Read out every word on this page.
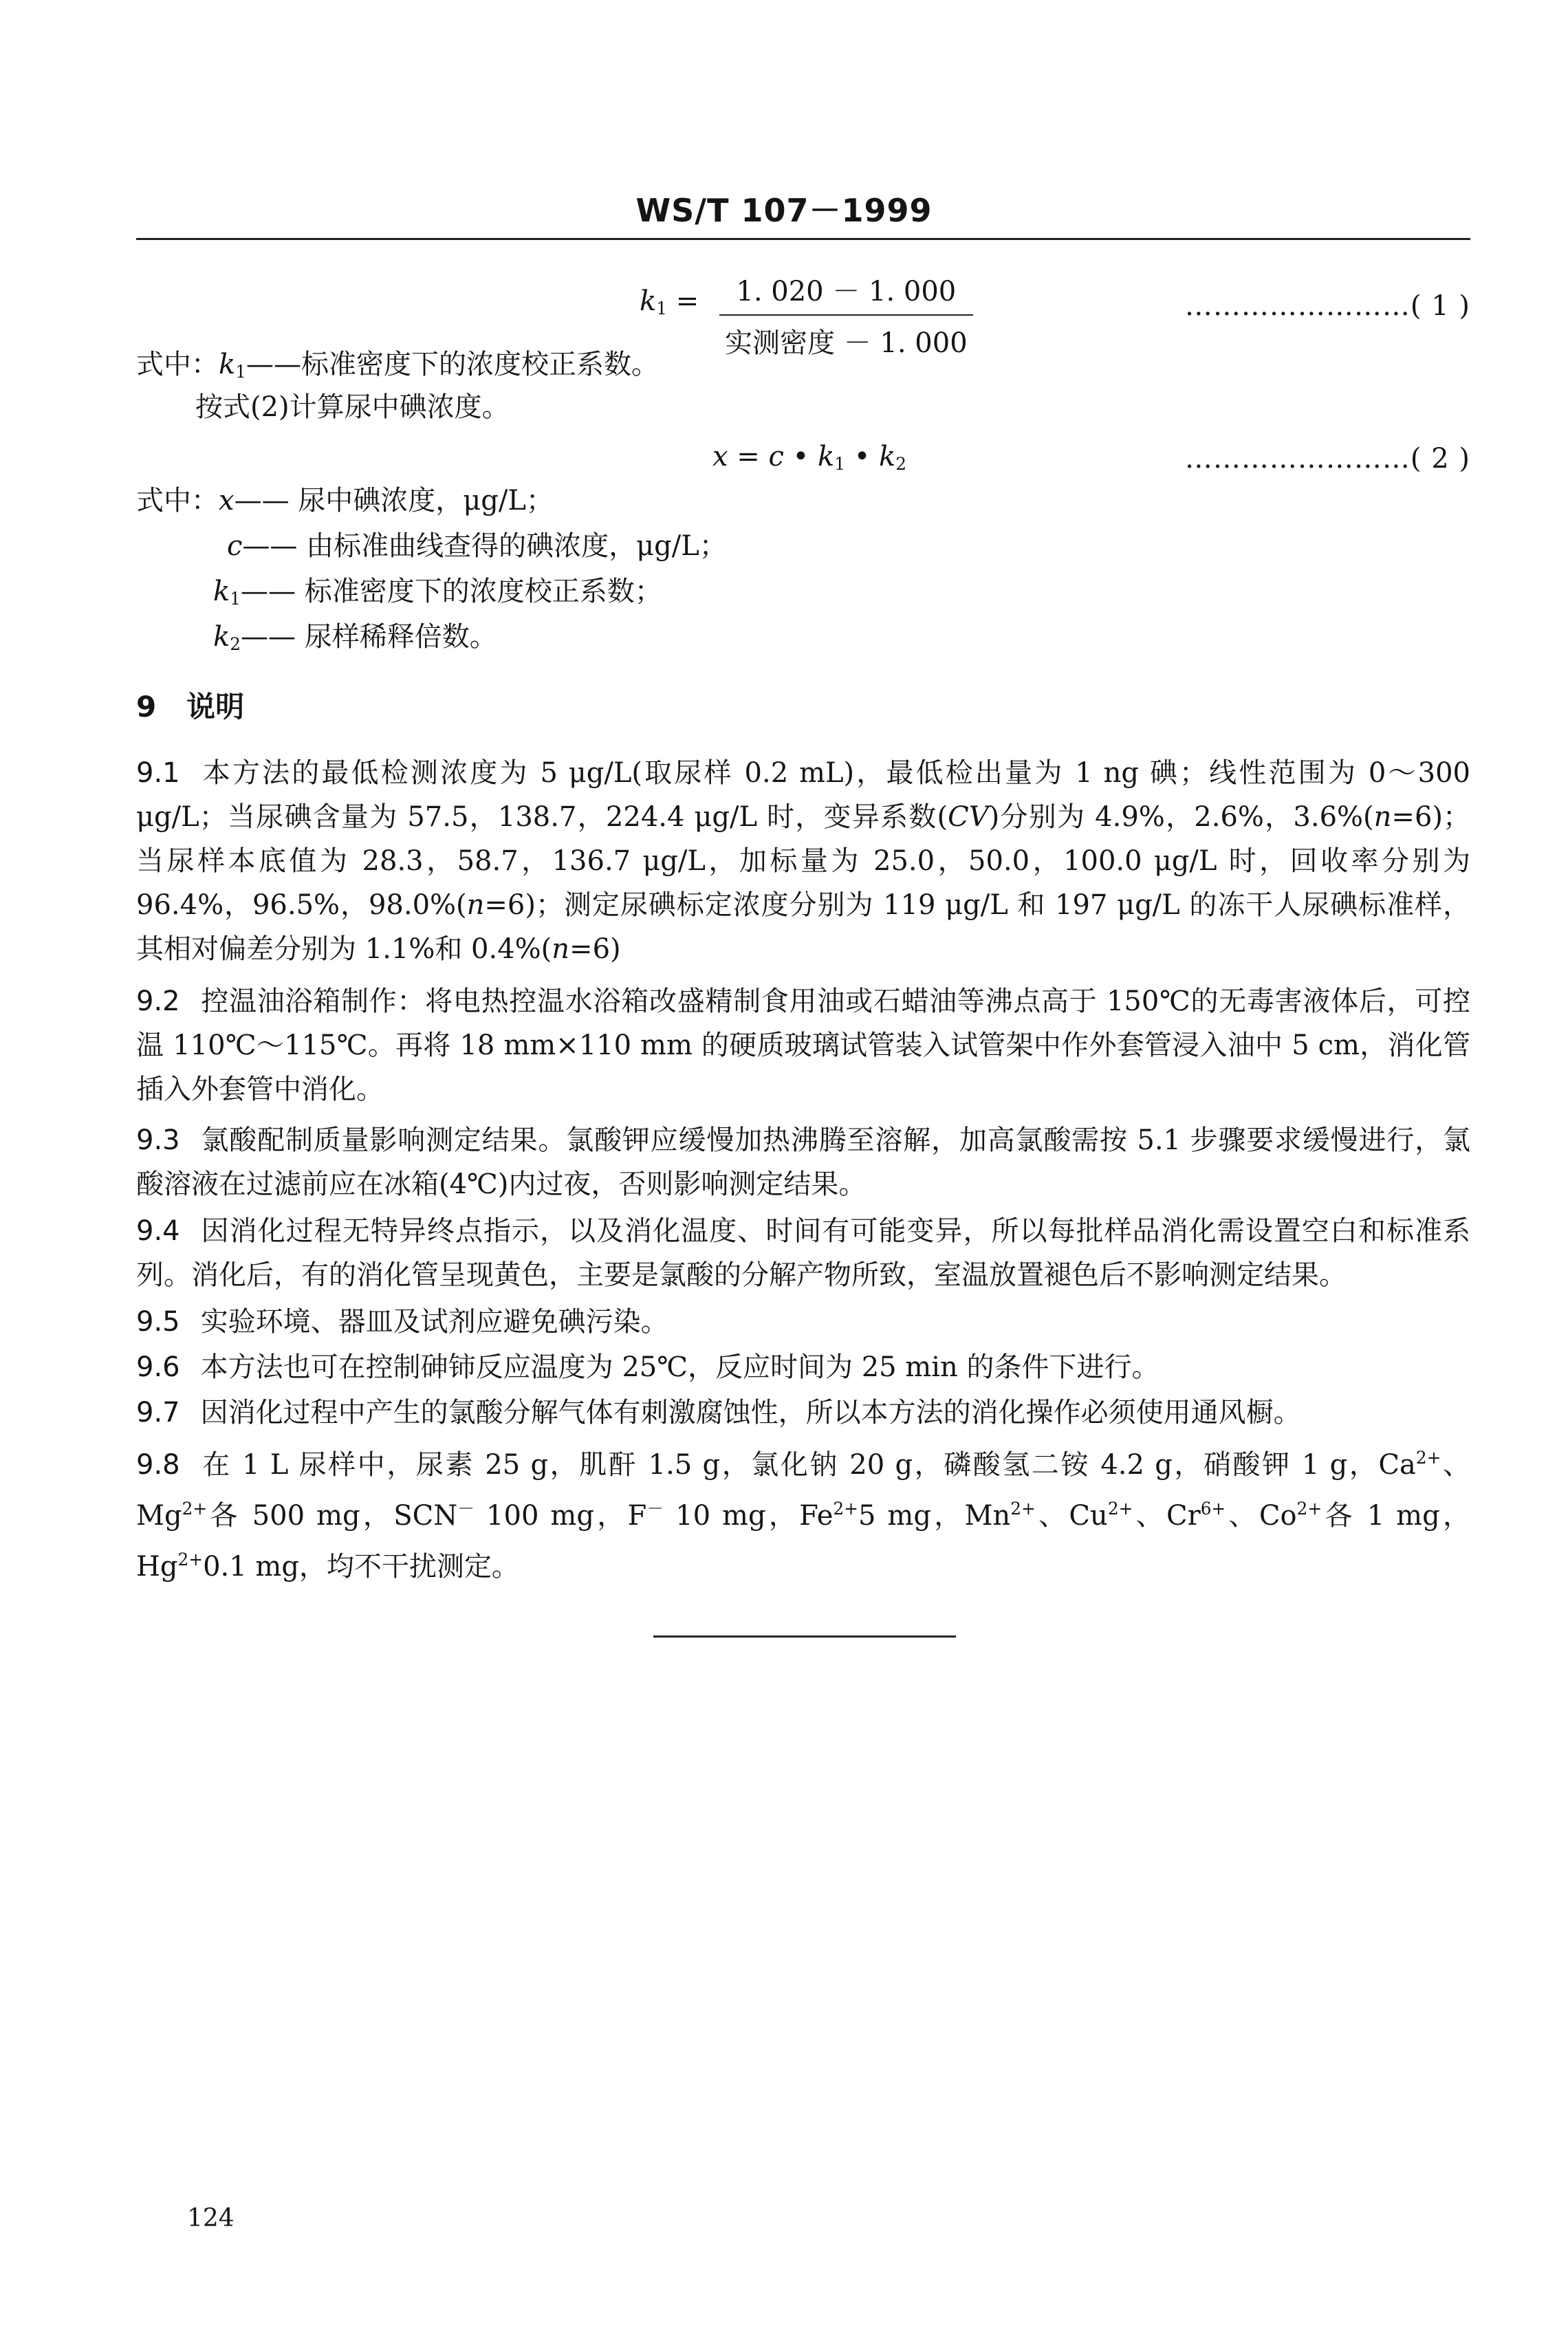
WS/T 107－1999
$k_1$ =	1. 020 － 1. 000
实测密度 － 1. 000
……………………( 1 )
式中：$k_1——$标准密度下的浓度校正系数。
按式(2)计算尿中碘浓度。
x = c • $k_1$ • $k_2$	……………………( 2 )
式中：x—— 尿中碘浓度，μg/L；
c—— 由标准曲线查得的碘浓度，μg/L；
$k_1——$ 标准密度下的浓度校正系数；
$k_2——$ 尿样稀释倍数。
9 说明

9.1 本方法的最低检测浓度为 5 μg/L(取尿样 0.2 mL)，最低检出量为 1 ng 碘；线性范围为 0～300 μg/L；当尿碘含量为 57.5，138.7，224.4 μg/L 时，变异系数(CV)分别为 4.9%，2.6%，3.6%(n=6)；当尿样本底值为 28.3，58.7，136.7 μg/L，加标量为 25.0，50.0，100.0 μg/L 时，回收率分别为 96.4%，96.5%，98.0%(n=6)；测定尿碘标定浓度分别为 119 μg/L 和 197 μg/L 的冻干人尿碘标准样，其相对偏差分别为 1.1%和 0.4%(n=6)

9.2 控温油浴箱制作：将电热控温水浴箱改盛精制食用油或石蜡油等沸点高于 150℃的无毒害液体后，可控温 110℃～115℃。再将 18 mm×110 mm 的硬质玻璃试管装入试管架中作外套管浸入油中 5 cm，消化管插入外套管中消化。

9.3 氯酸配制质量影响测定结果。氯酸钾应缓慢加热沸腾至溶解，加高氯酸需按 5.1 步骤要求缓慢进行，氯酸溶液在过滤前应在冰箱(4℃)内过夜，否则影响测定结果。

9.4 因消化过程无特异终点指示，以及消化温度、时间有可能变异，所以每批样品消化需设置空白和标准系列。消化后，有的消化管呈现黄色，主要是氯酸的分解产物所致，室温放置褪色后不影响测定结果。

9.5 实验环境、器皿及试剂应避免碘污染。

9.6 本方法也可在控制砷铈反应温度为 25℃，反应时间为 25 min 的条件下进行。

9.7 因消化过程中产生的氯酸分解气体有刺激腐蚀性，所以本方法的消化操作必须使用通风橱。

9.8 在 1 L 尿样中，尿素 25 g，肌酐 1.5 g，氯化钠 20 g，磷酸氢二铵 4.2 g，硝酸钾 1 g，$Ca^{2+}$、$Mg^{2+}$各 500 mg，SCN－ 100 mg，F－ 10 mg，$Fe^{2+}5$ mg，$Mn^{2+}$、$Cu^{2+}$、$Cr^{6+}$、$Co^{2+}$各 1 mg，$Hg^{2+}0.1$ mg，均不干扰测定。

124
